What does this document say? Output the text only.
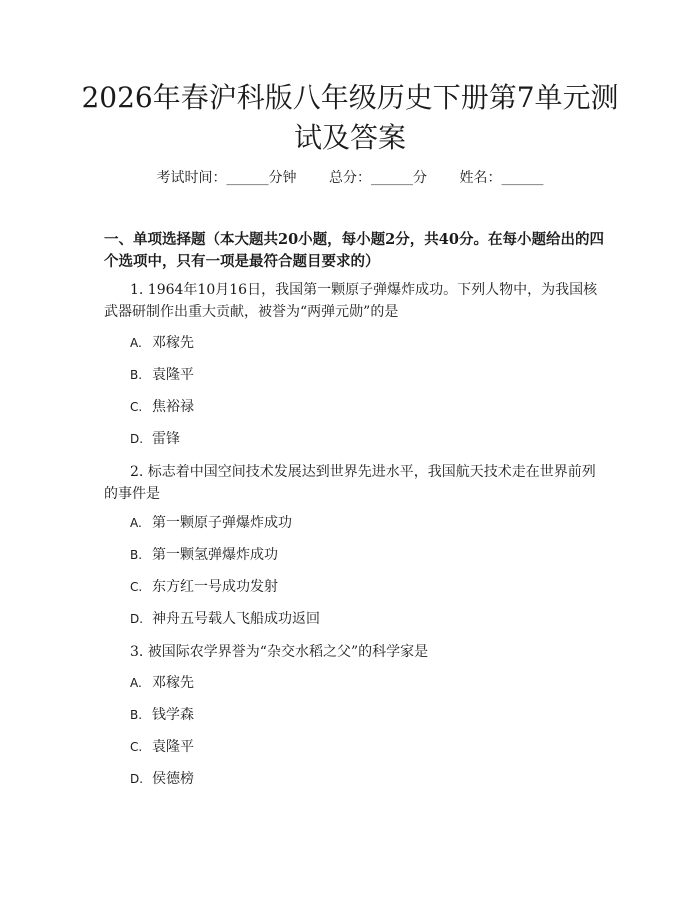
2026年春沪科版八年级历史下册第7单元测试及答案
考试时间：______分钟 总分：______分 姓名：______

一、单项选择题（本大题共20小题，每小题2分，共40分。在每小题给出的四个选项中，只有一项是最符合题目要求的）

1. 1964年10月16日，我国第一颗原子弹爆炸成功。下列人物中，为我国核武器研制作出重大贡献，被誉为“两弹元勋”的是

A. 邓稼先

B. 袁隆平

C. 焦裕禄

D. 雷锋

2. 标志着中国空间技术发展达到世界先进水平，我国航天技术走在世界前列的事件是

A. 第一颗原子弹爆炸成功

B. 第一颗氢弹爆炸成功

C. 东方红一号成功发射

D. 神舟五号载人飞船成功返回

3. 被国际农学界誉为“杂交水稻之父”的科学家是

A. 邓稼先

B. 钱学森

C. 袁隆平

D. 侯德榜
